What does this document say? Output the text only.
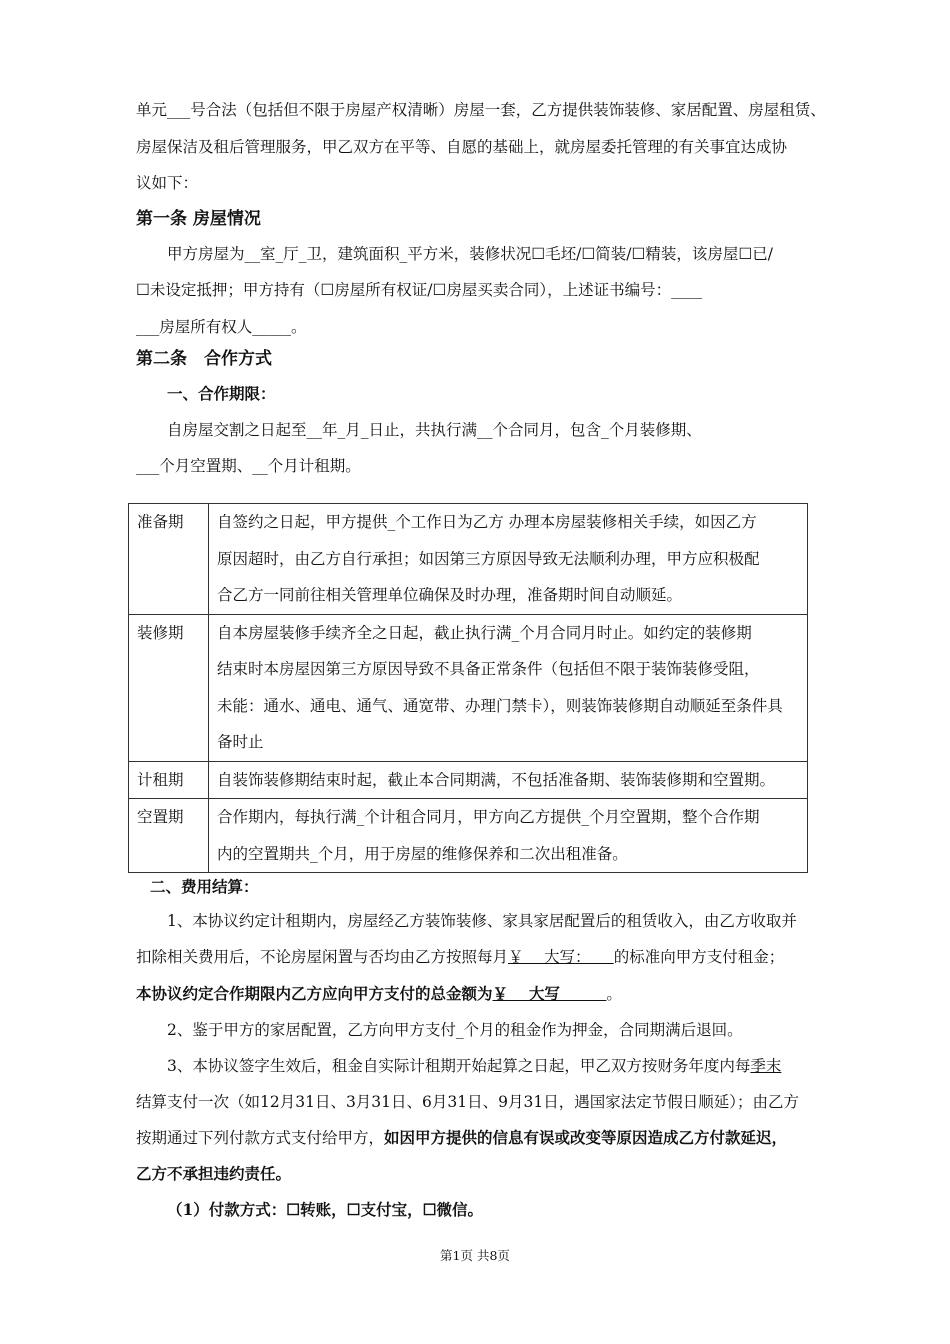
单元___号合法（包括但不限于房屋产权清晰）房屋一套，乙方提供装饰装修、家居配置、房屋租赁、
房屋保洁及租后管理服务，甲乙双方在平等、自愿的基础上，就房屋委托管理的有关事宜达成协
议如下：
第一条 房屋情况
甲方房屋为__室_厅_卫，建筑面积_平方米，装修状况☐毛坯/☐简装/☐精装，该房屋☐已/
☐未设定抵押；甲方持有（☐房屋所有权证/☐房屋买卖合同），上述证书编号：____
___房屋所有权人_____。
第二条　合作方式
一、合作期限：
自房屋交割之日起至__年_月_日止，共执行满__个合同月，包含_个月装修期、
___个月空置期、__个月计租期。
准备期	自签约之日起，甲方提供_个工作日为乙方 办理本房屋装修相关手续，如因乙方
原因超时，由乙方自行承担；如因第三方原因导致无法顺利办理，甲方应积极配
合乙方一同前往相关管理单位确保及时办理，准备期时间自动顺延。

装修期	自本房屋装修手续齐全之日起，截止执行满_个月合同月时止。如约定的装修期
结束时本房屋因第三方原因导致不具备正常条件（包括但不限于装饰装修受阻，
未能：通水、通电、通气、通宽带、办理门禁卡），则装饰装修期自动顺延至条件具
备时止

计租期	自装饰装修期结束时起，截止本合同期满，不包括准备期、装饰装修期和空置期。

空置期	合作期内，每执行满_个计租合同月，甲方向乙方提供_个月空置期，整个合作期
内的空置期共_个月，用于房屋的维修保养和二次出租准备。
二、费用结算：
1、本协议约定计租期内，房屋经乙方装饰装修、家具家居配置后的租赁收入，由乙方收取并
扣除相关费用后，不论房屋闲置与否均由乙方按照每月￥　 大写：　　的标准向甲方支付租金；
本协议约定合作期限内乙方应向甲方支付的总金额为￥　 大写　　　。
2、鉴于甲方的家居配置，乙方向甲方支付_个月的租金作为押金，合同期满后退回。
3、本协议签字生效后，租金自实际计租期开始起算之日起，甲乙双方按财务年度内每季末
结算支付一次（如12月31日、3月31日、6月31日、9月31日，遇国家法定节假日顺延）；由乙方
按期通过下列付款方式支付给甲方，如因甲方提供的信息有误或改变等原因造成乙方付款延迟，
乙方不承担违约责任。
（1）付款方式：☐转账，☐支付宝，☐微信。
第1页 共8页
